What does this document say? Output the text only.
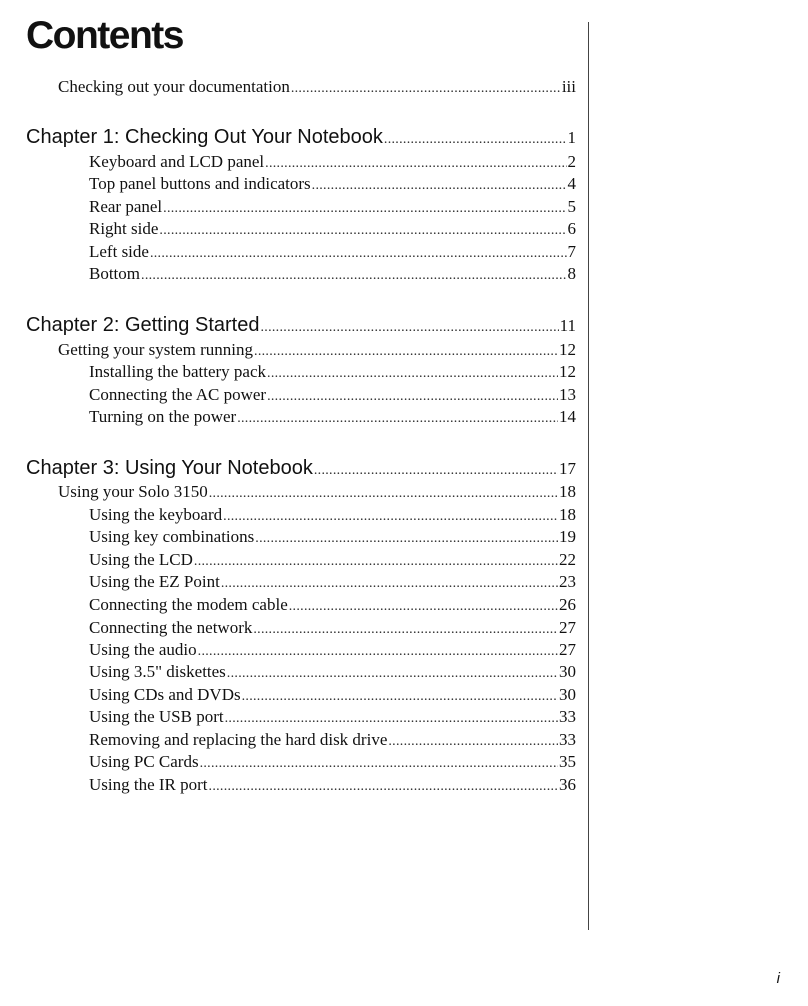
Contents
Checking out your documentation .....	iii
Chapter 1: Checking Out Your Notebook .....	1
Keyboard and LCD panel .....	2
Top panel buttons and indicators .....	4
Rear panel .....	5
Right side .....	6
Left side .....	7
Bottom .....	8
Chapter 2: Getting Started .....	11
Getting your system running .....	12
Installing the battery pack .....	12
Connecting the AC power .....	13
Turning on the power .....	14
Chapter 3: Using Your Notebook .....	17
Using your Solo 3150 .....	18
Using the keyboard .....	18
Using key combinations .....	19
Using the LCD .....	22
Using the EZ Point .....	23
Connecting the modem cable .....	26
Connecting the network .....	27
Using the audio .....	27
Using 3.5" diskettes .....	30
Using CDs and DVDs .....	30
Using the USB port .....	33
Removing and replacing the hard disk drive .....	33
Using PC Cards .....	35
Using the IR port .....	36
i
